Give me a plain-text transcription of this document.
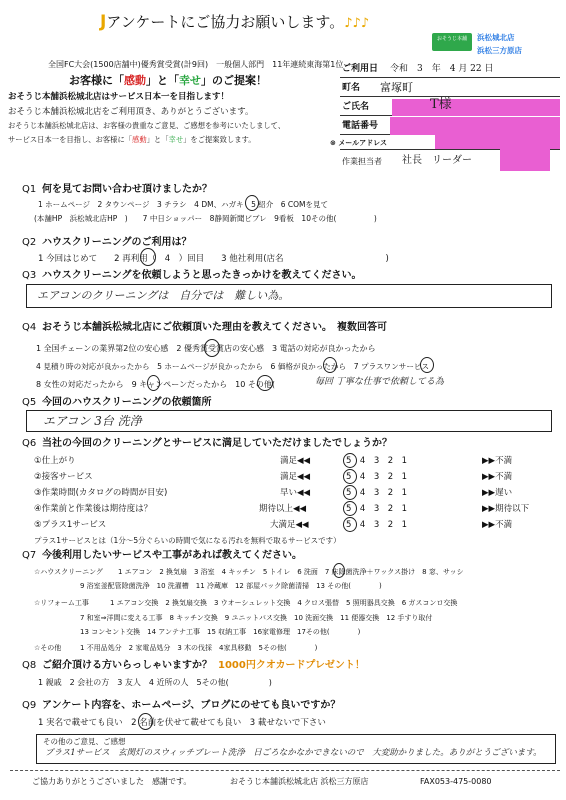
Jアンケートにご協力お願いします。♪♪♪
おそうじ本舗	浜松城北店
浜松三方原店
全国FC大会(1500店舗中)優秀賞受賞(計9回)　一般個人部門　11年連続東海第1位
お客様に「感動」と「幸せ」のご提案！
おそうじ本舗浜松城北店はサービス日本一を目指します！
おそうじ本舗浜松城北店をご利用頂き、ありがとうございます。
おそうじ本舗浜松城北店は、お客様の貴重なご意見、ご感想を参考にいたしまして、
サービス日本一を目指し、お客様に「感動」と「幸せ」をご提案致します。
ご利用日 令和　3　年　4 月 22 日
町名 富塚町
ご氏名	T様
電話番号
⊗ メールアドレス
作業担当者 社長　リーダー
Q1 何を見てお問い合わせ頂けましたか？
1 ホームページ　2 タウンページ　3 チラシ　4 DM、ハガキ　5 紹介　6 COMを見て
(本舗HP　浜松城北店HP　)　　7 中日ショッパー　8静岡新聞ビブレ　9看板　10その他(　　　　　)
Q2 ハウスクリーニングのご利用は？
1 今回はじめて　　2 再利用（　4　）回目　　3 他社利用(店名　　　　　　　　　　　　)
Q3 ハウスクリーニングを依頼しようと思ったきっかけを教えてください。
エアコンのクリーニングは　自分では　難しい為。
Q4 おそうじ本舗浜松城北店にご依頼頂いた理由を教えてください。　複数回答可
1 全国チェーンの業界第2位の安心感　2 優秀賞受賞店の安心感　3 電話の対応が良かったから
4 見積り時の対応が良かったから　5 ホームページが良かったから　6 価格が良かったから　7 プラスワンサービス
8 女性の対応だったから　9 キャンペーンだったから　10 その他(	毎回 丁寧な仕事で依頼してる為
Q5 今回のハウスクリーニングの依頼箇所
エアコン 3台 洗浄
Q6 当社の今回のクリーニングとサービスに満足していただけましたでしょうか？
①仕上がり	満足◀◀	5　4　3　2　1	▶▶不満
②接客サービス	満足◀◀	5　4　3　2　1	▶▶不満
③作業時間(カタログの時間が目安)	早い◀◀	5　4　3　2　1	▶▶遅い
④作業前と作業後は期待度は？	期待以上◀◀	5　4　3　2　1	▶▶期待以下
⑤プラス1サービス	大満足◀◀	5　4　3　2　1	▶▶不満
プラス1サービスとは（1分～5分ぐらいの時間で気になる汚れを無料で取るサービスです）
Q7 今後利用したいサービスや工事があれば教えてください。
☆ハウスクリーニング 1 エアコン　2 換気扇　3 浴室　4 キッチン　5 トイレ　6 洗面　7 床除菌洗浄＋ワックス掛け　8 窓、サッシ
9 浴室釜配管除菌洗浄　10 洗濯槽　11 冷蔵庫　12 部屋パック除菌清掃　13 その他(　　　　)
☆リフォーム工事	1 エアコン交換　2 換気扇交換　3 ウオーシュレット交換　4 クロス張替　5 照明器具交換　6 ガスコンロ交換
7 和室⇒洋間に変える工事　8 キッチン交換　9 ユニットバス交換　10 洗面交換　11 便器交換　12 手すり取付
13 コンセント交換　14 アンテナ工事　15 収納工事　16家電修理　17その他(　　　　)
☆その他	1 不用品処分　2 家電品処分　3 木の伐採　4家具移動　5その他(　　　　)
Q8 ご紹介頂ける方いらっしゃいますか？ 1000円クオカードプレゼント！
1 親戚　2 会社の方　3 友人　4 近所の人　5その他(　　　　　)
Q9 アンケート内容を、ホームページ、ブログにのせても良いですか？
1 実名で載せても良い　2 名前を伏せて載せても良い　3 載せないで下さい
その他のご意見、ご感想
プラス1サービス　玄関灯のスウィッチプレート洗浄　日ごろなかなかできないので　大変助かりました。ありがとうございます。
ご協力ありがとうございました　感謝です。	おそうじ本舗浜松城北店 浜松三方原店	FAX053-475-0080
